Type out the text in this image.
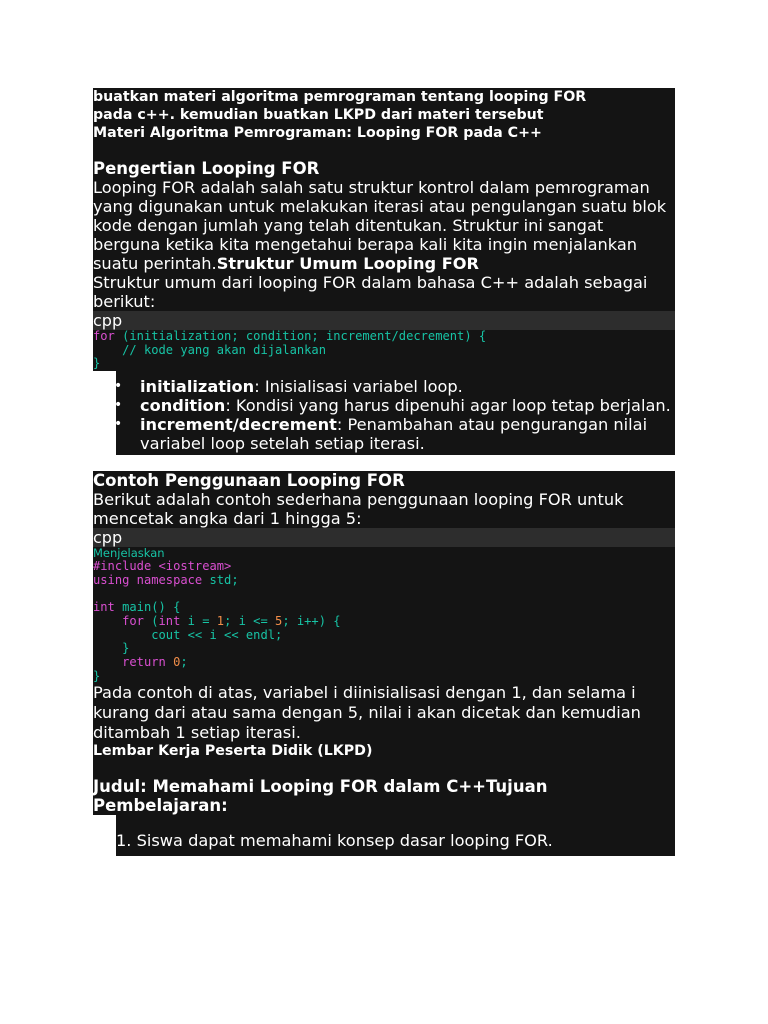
buatkan materi algoritma pemrograman tentang looping FOR
pada c++. kemudian buatkan LKPD dari materi tersebut
Materi Algoritma Pemrograman: Looping FOR pada C++
Pengertian Looping FOR
Looping FOR adalah salah satu struktur kontrol dalam pemrograman yang digunakan untuk melakukan iterasi atau pengulangan suatu blok kode dengan jumlah yang telah ditentukan. Struktur ini sangat berguna ketika kita mengetahui berapa kali kita ingin menjalankan suatu perintah.Struktur Umum Looping FOR
Struktur umum dari looping FOR dalam bahasa C++ adalah sebagai berikut:
cpp
for (initialization; condition; increment/decrement) {
// kode yang akan dijalankan
}
• initialization: Inisialisasi variabel loop.
• condition: Kondisi yang harus dipenuhi agar loop tetap berjalan.
• increment/decrement: Penambahan atau pengurangan nilai variabel loop setelah setiap iterasi.
Contoh Penggunaan Looping FOR
Berikut adalah contoh sederhana penggunaan looping FOR untuk mencetak angka dari 1 hingga 5:
cpp
Menjelaskan
#include <iostream>
using namespace std;

int main() {
for (int i = 1; i <= 5; i++) {
cout << i << endl;
}
return 0;
}
Pada contoh di atas, variabel i diinisialisasi dengan 1, dan selama i kurang dari atau sama dengan 5, nilai i akan dicetak dan kemudian ditambah 1 setiap iterasi.
Lembar Kerja Peserta Didik (LKPD)
Judul: Memahami Looping FOR dalam C++Tujuan Pembelajaran:
1. Siswa dapat memahami konsep dasar looping FOR.
